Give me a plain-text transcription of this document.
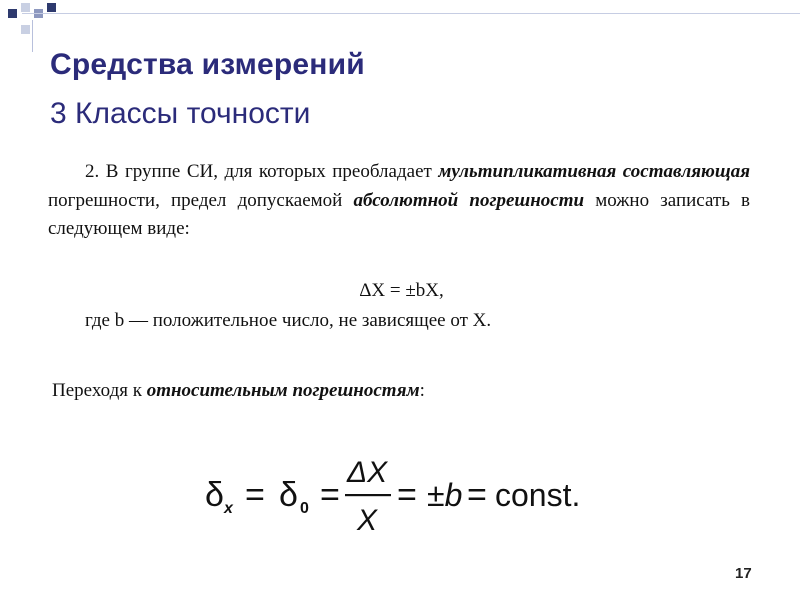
Средства измерений
3 Классы точности
2. В группе СИ, для которых преобладает мультипликативная составляющая погрешности, предел допускаемой абсолютной погрешности можно записать в следующем виде:
ΔX = ±bX,
где b — положительное число, не зависящее от X.
Переходя к относительным погрешностям:
δ x = δ 0 =
ΔX
X
= ±b = const.
17
